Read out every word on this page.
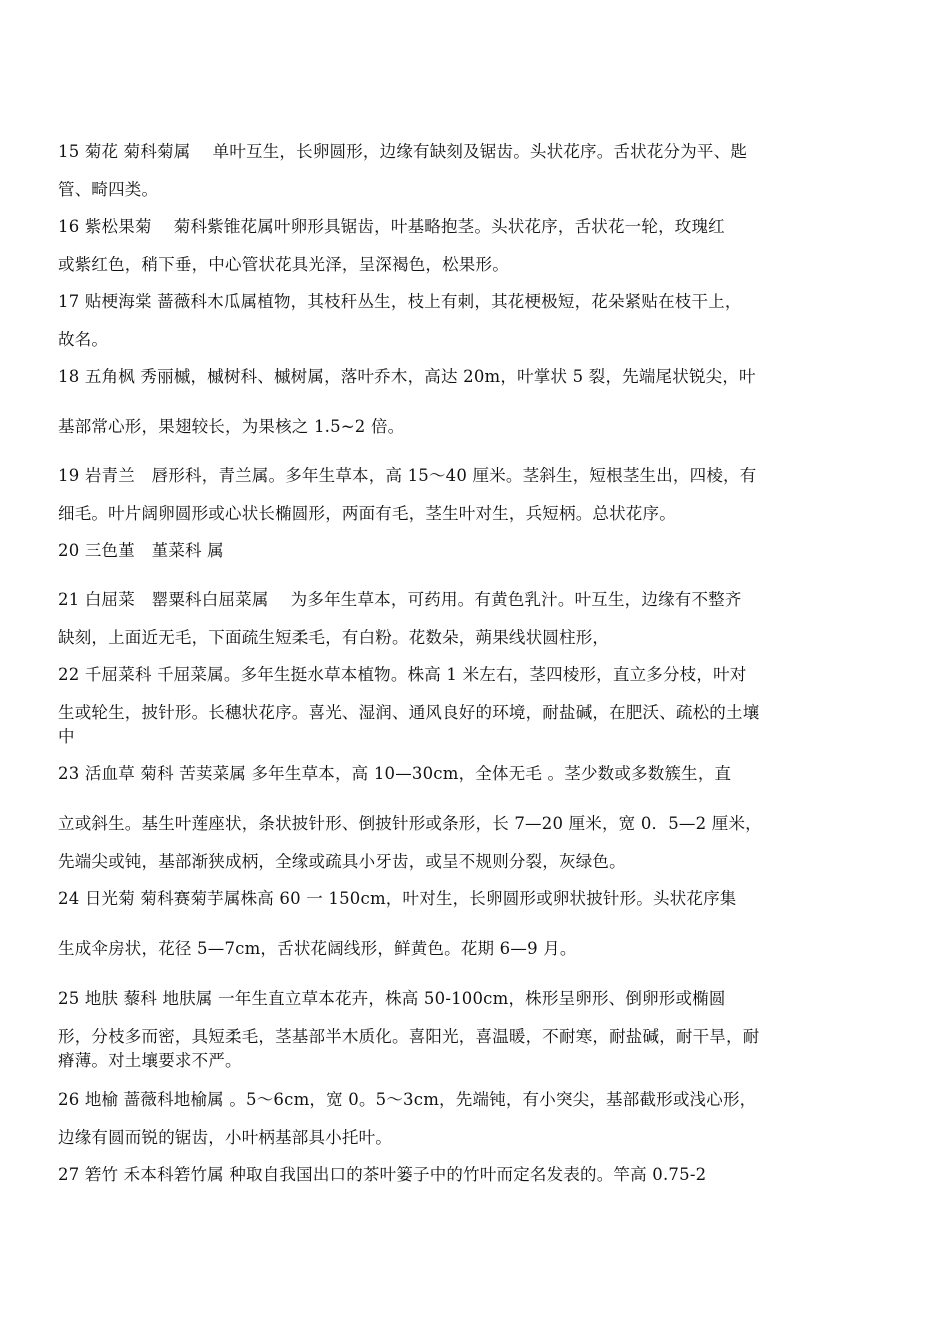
15 菊花 菊科菊属　 单叶互生，长卵圆形，边缘有缺刻及锯齿。头状花序。舌状花分为平、匙
管、畸四类。
16 紫松果菊　 菊科紫锥花属叶卵形具锯齿，叶基略抱茎。头状花序，舌状花一轮，玫瑰红
或紫红色，稍下垂，中心管状花具光泽，呈深褐色，松果形。
17 贴梗海棠 蔷薇科木瓜属植物，其枝秆丛生，枝上有刺，其花梗极短，花朵紧贴在枝干上，
故名。
18 五角枫 秀丽槭，槭树科、槭树属，落叶乔木，高达 20m，叶掌状 5 裂，先端尾状锐尖，叶
基部常心形，果翅较长，为果核之 1.5~2 倍。
19 岩青兰　唇形科，青兰属。多年生草本，高 15～40 厘米。茎斜生，短根茎生出，四棱，有
细毛。叶片阔卵圆形或心状长椭圆形，两面有毛，茎生叶对生，兵短柄。总状花序。
20 三色堇　堇菜科 属
21 白屈菜　罂粟科白屈菜属　 为多年生草本，可药用。有黄色乳汁。叶互生，边缘有不整齐
缺刻，上面近无毛，下面疏生短柔毛，有白粉。花数朵，蒴果线状圆柱形，
22 千屈菜科 千屈菜属。多年生挺水草本植物。株高 1 米左右，茎四棱形，直立多分枝，叶对
生或轮生，披针形。长穗状花序。喜光、湿润、通风良好的环境，耐盐碱，在肥沃、疏松的土壤
中
23 活血草 菊科 苦荬菜属 多年生草本，高 10—30cm，全体无毛 。茎少数或多数簇生，直
立或斜生。基生叶莲座状，条状披针形、倒披针形或条形，长 7—20 厘米，宽 0．5—2 厘米，
先端尖或钝，基部渐狭成柄，全缘或疏具小牙齿，或呈不规则分裂，灰绿色。
24 日光菊 菊科赛菊芋属株高 60 一 150cm，叶对生，长卵圆形或卵状披针形。头状花序集
生成伞房状，花径 5—7cm，舌状花阔线形，鲜黄色。花期 6—9 月。
25 地肤 藜科 地肤属 一年生直立草本花卉，株高 50-100cm，株形呈卵形、倒卵形或椭圆
形，分枝多而密，具短柔毛，茎基部半木质化。喜阳光，喜温暖，不耐寒，耐盐碱，耐干旱，耐
瘠薄。对土壤要求不严。
26 地榆 蔷薇科地榆属 。5～6cm，宽 0。5～3cm，先端钝，有小突尖，基部截形或浅心形，
边缘有圆而锐的锯齿，小叶柄基部具小托叶。
27 箬竹 禾本科箬竹属 种取自我国出口的茶叶篓子中的竹叶而定名发表的。竿高 0.75-2
